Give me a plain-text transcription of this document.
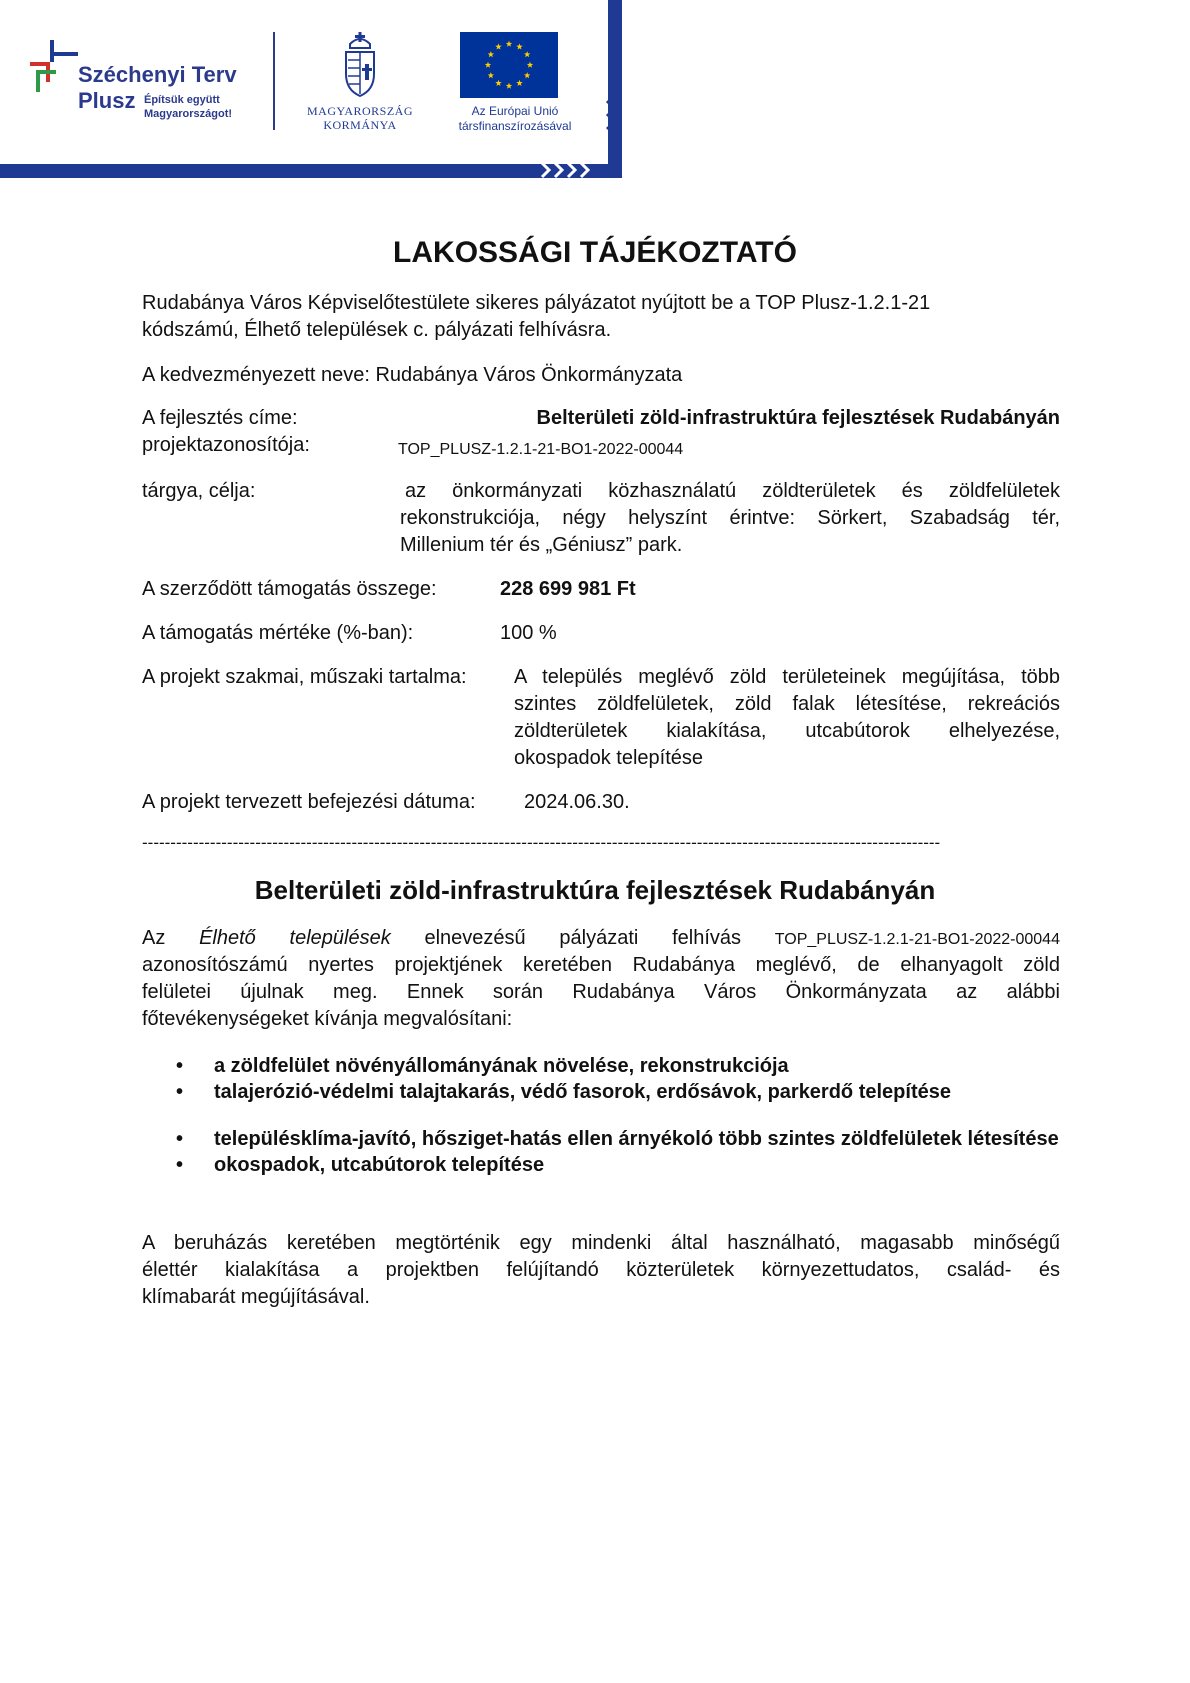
Széchenyi Terv
Plusz Építsük együtt
Magyarországot!	MAGYARORSZÁG
KORMÁNYA
Az Európai Unió
társfinanszírozásával
LAKOSSÁGI TÁJÉKOZTATÓ
Rudabánya Város Képviselőtestülete sikeres pályázatot nyújtott be a TOP Plusz-1.2.1-21
kódszámú, Élhető települések c. pályázati felhívásra.
A kedvezményezett neve: Rudabánya Város Önkormányzata
A fejlesztés címe:	Belterületi zöld-infrastruktúra fejlesztések Rudabányán
projektazonosítója:	TOP_PLUSZ-1.2.1-21-BO1-2022-00044
tárgya, célja:	az önkormányzati közhasználatú zöldterületek és zöldfelületek
rekonstrukciója, négy helyszínt érintve: Sörkert, Szabadság tér,
Millenium tér és „Géniusz” park.
A szerződött támogatás összege:	228 699 981 Ft
A támogatás mértéke (%-ban):	100 %
A projekt szakmai, műszaki tartalma: A település meglévő zöld területeinek megújítása, több
szintes zöldfelületek, zöld falak létesítése, rekreációs
zöldterületek kialakítása, utcabútorok elhelyezése,
okospadok telepítése
A projekt tervezett befejezési dátuma: 2024.06.30.
---------------------------------------------------------------------------------------------------------------------------------------------
Belterületi zöld-infrastruktúra fejlesztések Rudabányán
Az Élhető települések elnevezésű pályázati felhívás TOP_PLUSZ-1.2.1-21-BO1-2022-00044
azonosítószámú nyertes projektjének keretében Rudabánya meglévő, de elhanyagolt zöld
felületei újulnak meg. Ennek során Rudabánya Város Önkormányzata az alábbi
főtevékenységeket kívánja megvalósítani:
• a zöldfelület növényállományának növelése, rekonstrukciója
• talajerózió-védelmi talajtakarás, védő fasorok, erdősávok, parkerdő telepítése
• településklíma-javító, hősziget-hatás ellen árnyékoló több szintes zöldfelületek létesítése
• okospadok, utcabútorok telepítése
A beruházás keretében megtörténik egy mindenki által használható, magasabb minőségű
élettér kialakítása a projektben felújítandó közterületek környezettudatos, család- és
klímabarát megújításával.
